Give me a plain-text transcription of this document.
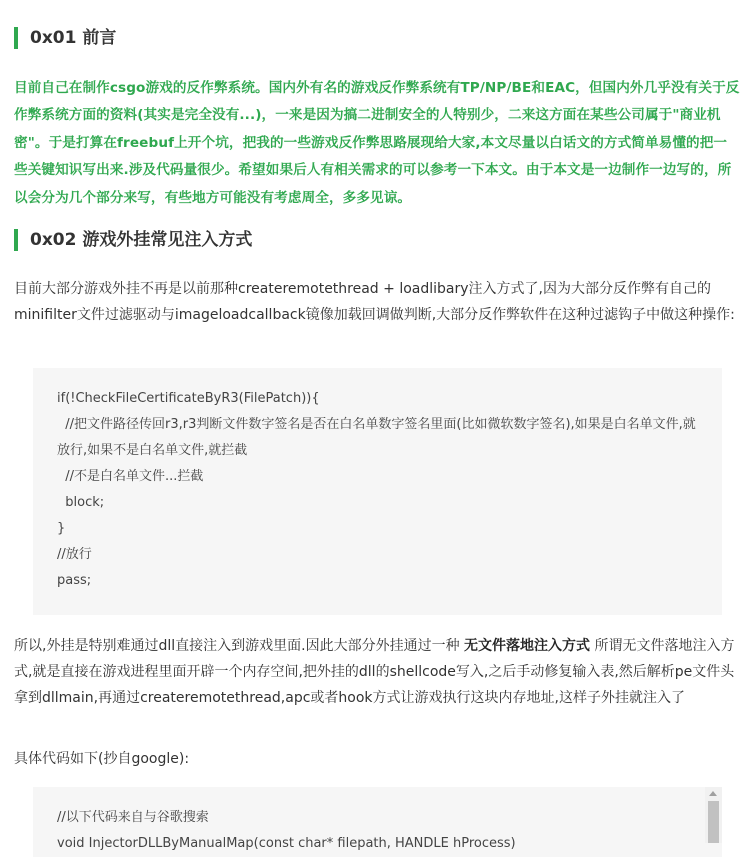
0x01 前言

目前自己在制作csgo游戏的反作弊系统。国内外有名的游戏反作弊系统有TP/NP/BE和EAC，但国内外几乎没有关于反作弊系统方面的资料(其实是完全没有...)，一来是因为搞二进制安全的人特别少，二来这方面在某些公司属于"商业机密"。于是打算在freebuf上开个坑，把我的一些游戏反作弊思路展现给大家,本文尽量以白话文的方式简单易懂的把一些关键知识写出来.涉及代码量很少。希望如果后人有相关需求的可以参考一下本文。由于本文是一边制作一边写的，所以会分为几个部分来写，有些地方可能没有考虑周全，多多见谅。

0x02 游戏外挂常见注入方式

目前大部分游戏外挂不再是以前那种createremotethread + loadlibary注入方式了,因为大部分反作弊有自己的minifilter文件过滤驱动与imageloadcallback镜像加载回调做判断,大部分反作弊软件在这种过滤钩子中做这种操作:

if(!CheckFileCertificateByR3(FilePatch)){

//把文件路径传回r3,r3判断文件数字签名是否在白名单数字签名里面(比如微软数字签名),如果是白名单文件,就放行,如果不是白名单文件,就拦截

//不是白名单文件...拦截

block;

}

//放行

pass;

所以,外挂是特别难通过dll直接注入到游戏里面.因此大部分外挂通过一种 无文件落地注入方式 所谓无文件落地注入方式,就是直接在游戏进程里面开辟一个内存空间,把外挂的dll的shellcode写入,之后手动修复输入表,然后解析pe文件头拿到dllmain,再通过createremotethread,apc或者hook方式让游戏执行这块内存地址,这样子外挂就注入了

具体代码如下(抄自google):

//以下代码来自与谷歌搜索

void InjectorDLLByManualMap(const char* filepath, HANDLE hProcess)
